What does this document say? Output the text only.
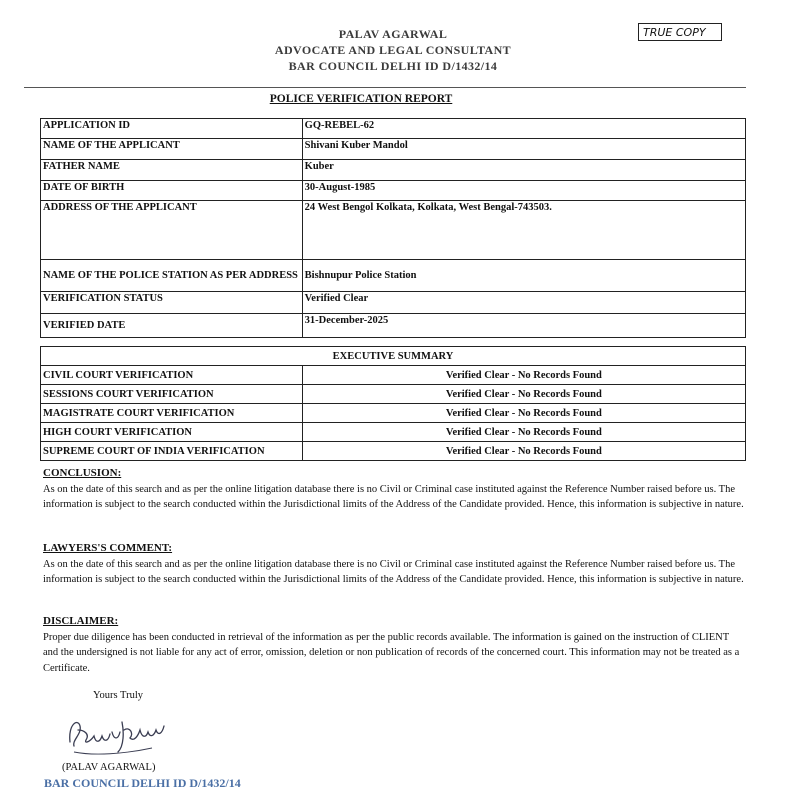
PALAV AGARWAL
ADVOCATE AND LEGAL CONSULTANT
BAR COUNCIL DELHI ID D/1432/14
TRUE COPY
POLICE VERIFICATION REPORT
APPLICATION ID	GQ-REBEL-62
NAME OF THE APPLICANT	Shivani Kuber Mandol
FATHER NAME	Kuber
DATE OF BIRTH	30-August-1985
ADDRESS OF THE APPLICANT	24 West Bengol Kolkata, Kolkata, West Bengal-743503.
NAME OF THE POLICE STATION AS PER ADDRESS	Bishnupur Police Station
VERIFICATION STATUS	Verified Clear
VERIFIED DATE	31-December-2025
EXECUTIVE SUMMARY	
CIVIL COURT VERIFICATION	Verified Clear - No Records Found
SESSIONS COURT VERIFICATION	Verified Clear - No Records Found
MAGISTRATE COURT VERIFICATION	Verified Clear - No Records Found
HIGH COURT VERIFICATION	Verified Clear - No Records Found
SUPREME COURT OF INDIA VERIFICATION	Verified Clear - No Records Found
CONCLUSION:
As on the date of this search and as per the online litigation database there is no Civil or Criminal case instituted against the Reference Number raised before us. The information is subject to the search conducted within the Jurisdictional limits of the Address of the Candidate provided. Hence, this information is subjective in nature.
LAWYERS'S COMMENT:
As on the date of this search and as per the online litigation database there is no Civil or Criminal case instituted against the Reference Number raised before us. The information is subject to the search conducted within the Jurisdictional limits of the Address of the Candidate provided. Hence, this information is subjective in nature.
DISCLAIMER:
Proper due diligence has been conducted in retrieval of the information as per the public records available. The information is gained on the instruction of CLIENT and the undersigned is not liable for any act of error, omission, deletion or non publication of records of the concerned court. This information may not be treated as a Certificate.
Yours Truly
(PALAV AGARWAL)
BAR COUNCIL DELHI ID D/1432/14
